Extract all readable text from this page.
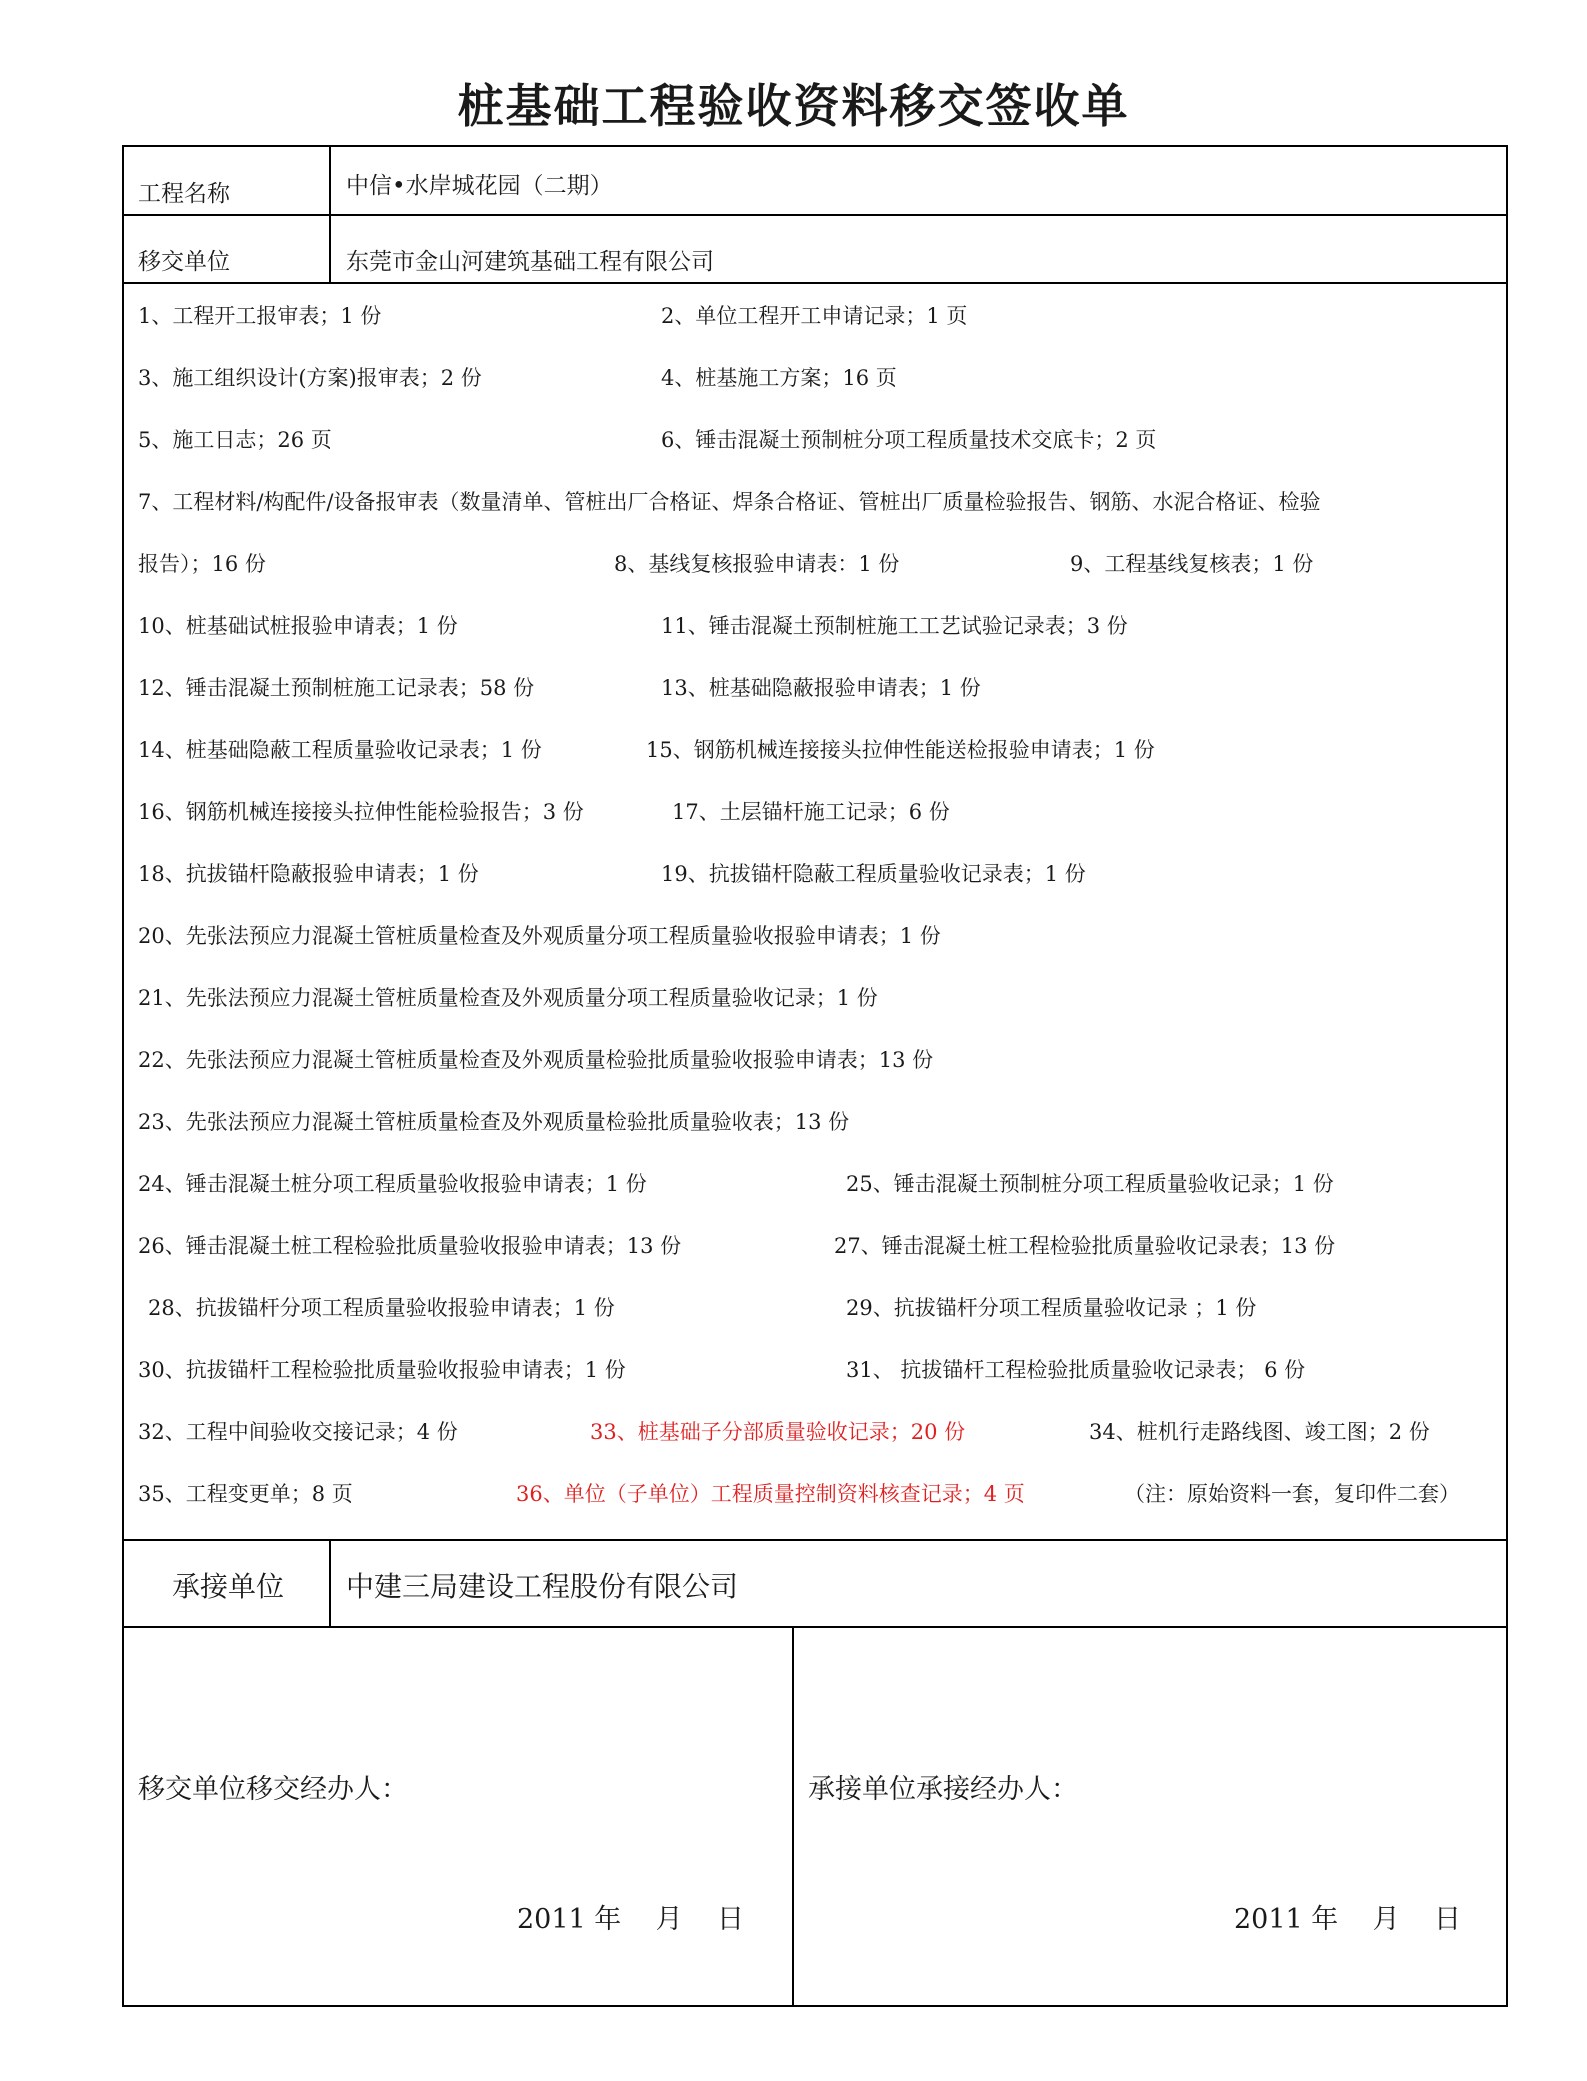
桩基础工程验收资料移交签收单
工程名称	中信•水岸城花园（二期）
移交单位	东莞市金山河建筑基础工程有限公司
1、工程开工报审表；1 份	2、单位工程开工申请记录；1 页
3、施工组织设计(方案)报审表；2 份	4、桩基施工方案；16 页
5、施工日志；26 页	6、锤击混凝土预制桩分项工程质量技术交底卡；2 页
7、工程材料/构配件/设备报审表（数量清单、管桩出厂合格证、焊条合格证、管桩出厂质量检验报告、钢筋、水泥合格证、检验
报告）；16 份	8、基线复核报验申请表：1 份	9、工程基线复核表；1 份
10、桩基础试桩报验申请表；1 份	11、锤击混凝土预制桩施工工艺试验记录表；3 份
12、锤击混凝土预制桩施工记录表；58 份	13、桩基础隐蔽报验申请表；1 份
14、桩基础隐蔽工程质量验收记录表；1 份	15、钢筋机械连接接头拉伸性能送检报验申请表；1 份
16、钢筋机械连接接头拉伸性能检验报告；3 份	17、土层锚杆施工记录；6 份
18、抗拔锚杆隐蔽报验申请表；1 份	19、抗拔锚杆隐蔽工程质量验收记录表；1 份
20、先张法预应力混凝土管桩质量检查及外观质量分项工程质量验收报验申请表；1 份
21、先张法预应力混凝土管桩质量检查及外观质量分项工程质量验收记录；1 份
22、先张法预应力混凝土管桩质量检查及外观质量检验批质量验收报验申请表；13 份
23、先张法预应力混凝土管桩质量检查及外观质量检验批质量验收表；13 份
24、锤击混凝土桩分项工程质量验收报验申请表；1 份	25、锤击混凝土预制桩分项工程质量验收记录；1 份
26、锤击混凝土桩工程检验批质量验收报验申请表；13 份	27、锤击混凝土桩工程检验批质量验收记录表；13 份
28、抗拔锚杆分项工程质量验收报验申请表；1 份	29、抗拔锚杆分项工程质量验收记录 ；1 份
30、抗拔锚杆工程检验批质量验收报验申请表；1 份	31、 抗拔锚杆工程检验批质量验收记录表； 6 份
32、工程中间验收交接记录；4 份	33、桩基础子分部质量验收记录；20 份	34、桩机行走路线图、竣工图；2 份
35、工程变更单；8 页	36、单位（子单位）工程质量控制资料核查记录；4 页	（注：原始资料一套，复印件二套）
承接单位 中建三局建设工程股份有限公司
移交单位移交经办人：	承接单位承接经办人：
2011 年    月    日	2011 年    月    日
